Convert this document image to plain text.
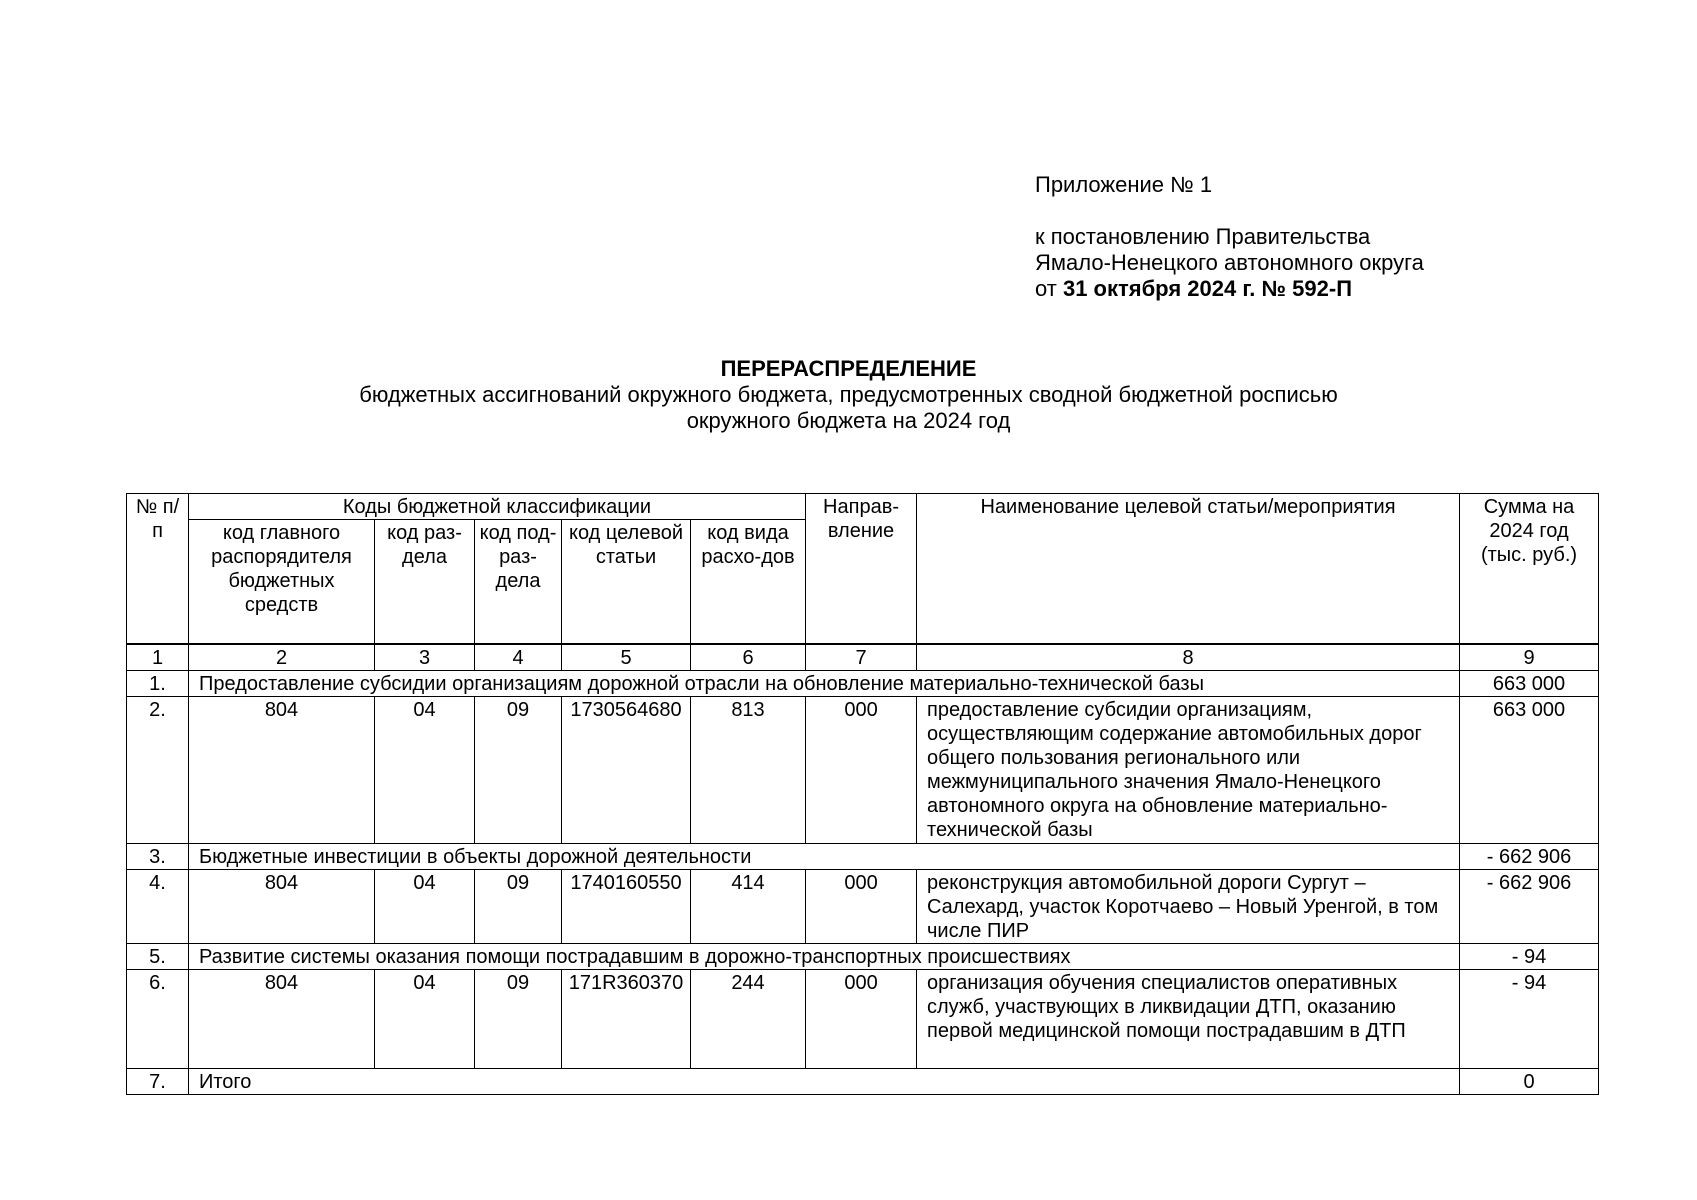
Приложение № 1
к постановлению Правительства
Ямало-Ненецкого автономного округа
от 31 октября 2024 г. № 592-П
ПЕРЕРАСПРЕДЕЛЕНИЕ
бюджетных ассигнований окружного бюджета, предусмотренных сводной бюджетной росписью
окружного бюджета на 2024 год
№ п/п	Коды бюджетной классификации					Направ-вление	Наименование целевой статьи/мероприятия	Сумма на 2024 год (тыс. руб.)
	код главного распорядителя бюджетных средств	код раз-дела	код под-раз-дела	код целевой статьи	код вида расхо-дов			
1	2	3	4	5	6	7	8	9
1.	Предоставление субсидии организациям дорожной отрасли на обновление материально-технической базы							663 000
2.	804	04	09	1730564680	813	000	предоставление субсидии организациям, осуществляющим содержание автомобильных дорог общего пользования регионального или межмуниципального значения Ямало-Ненецкого автономного округа на обновление материально-технической базы	663 000
3.	Бюджетные инвестиции в объекты дорожной деятельности							- 662 906
4.	804	04	09	1740160550	414	000	реконструкция автомобильной дороги Сургут – Салехард, участок Коротчаево – Новый Уренгой, в том числе ПИР	- 662 906
5.	Развитие системы оказания помощи пострадавшим в дорожно-транспортных происшествиях							- 94
6.	804	04	09	171R360370	244	000	организация обучения специалистов оперативных служб, участвующих в ликвидации ДТП, оказанию первой медицинской помощи пострадавшим в ДТП	- 94
7.	Итого							0
